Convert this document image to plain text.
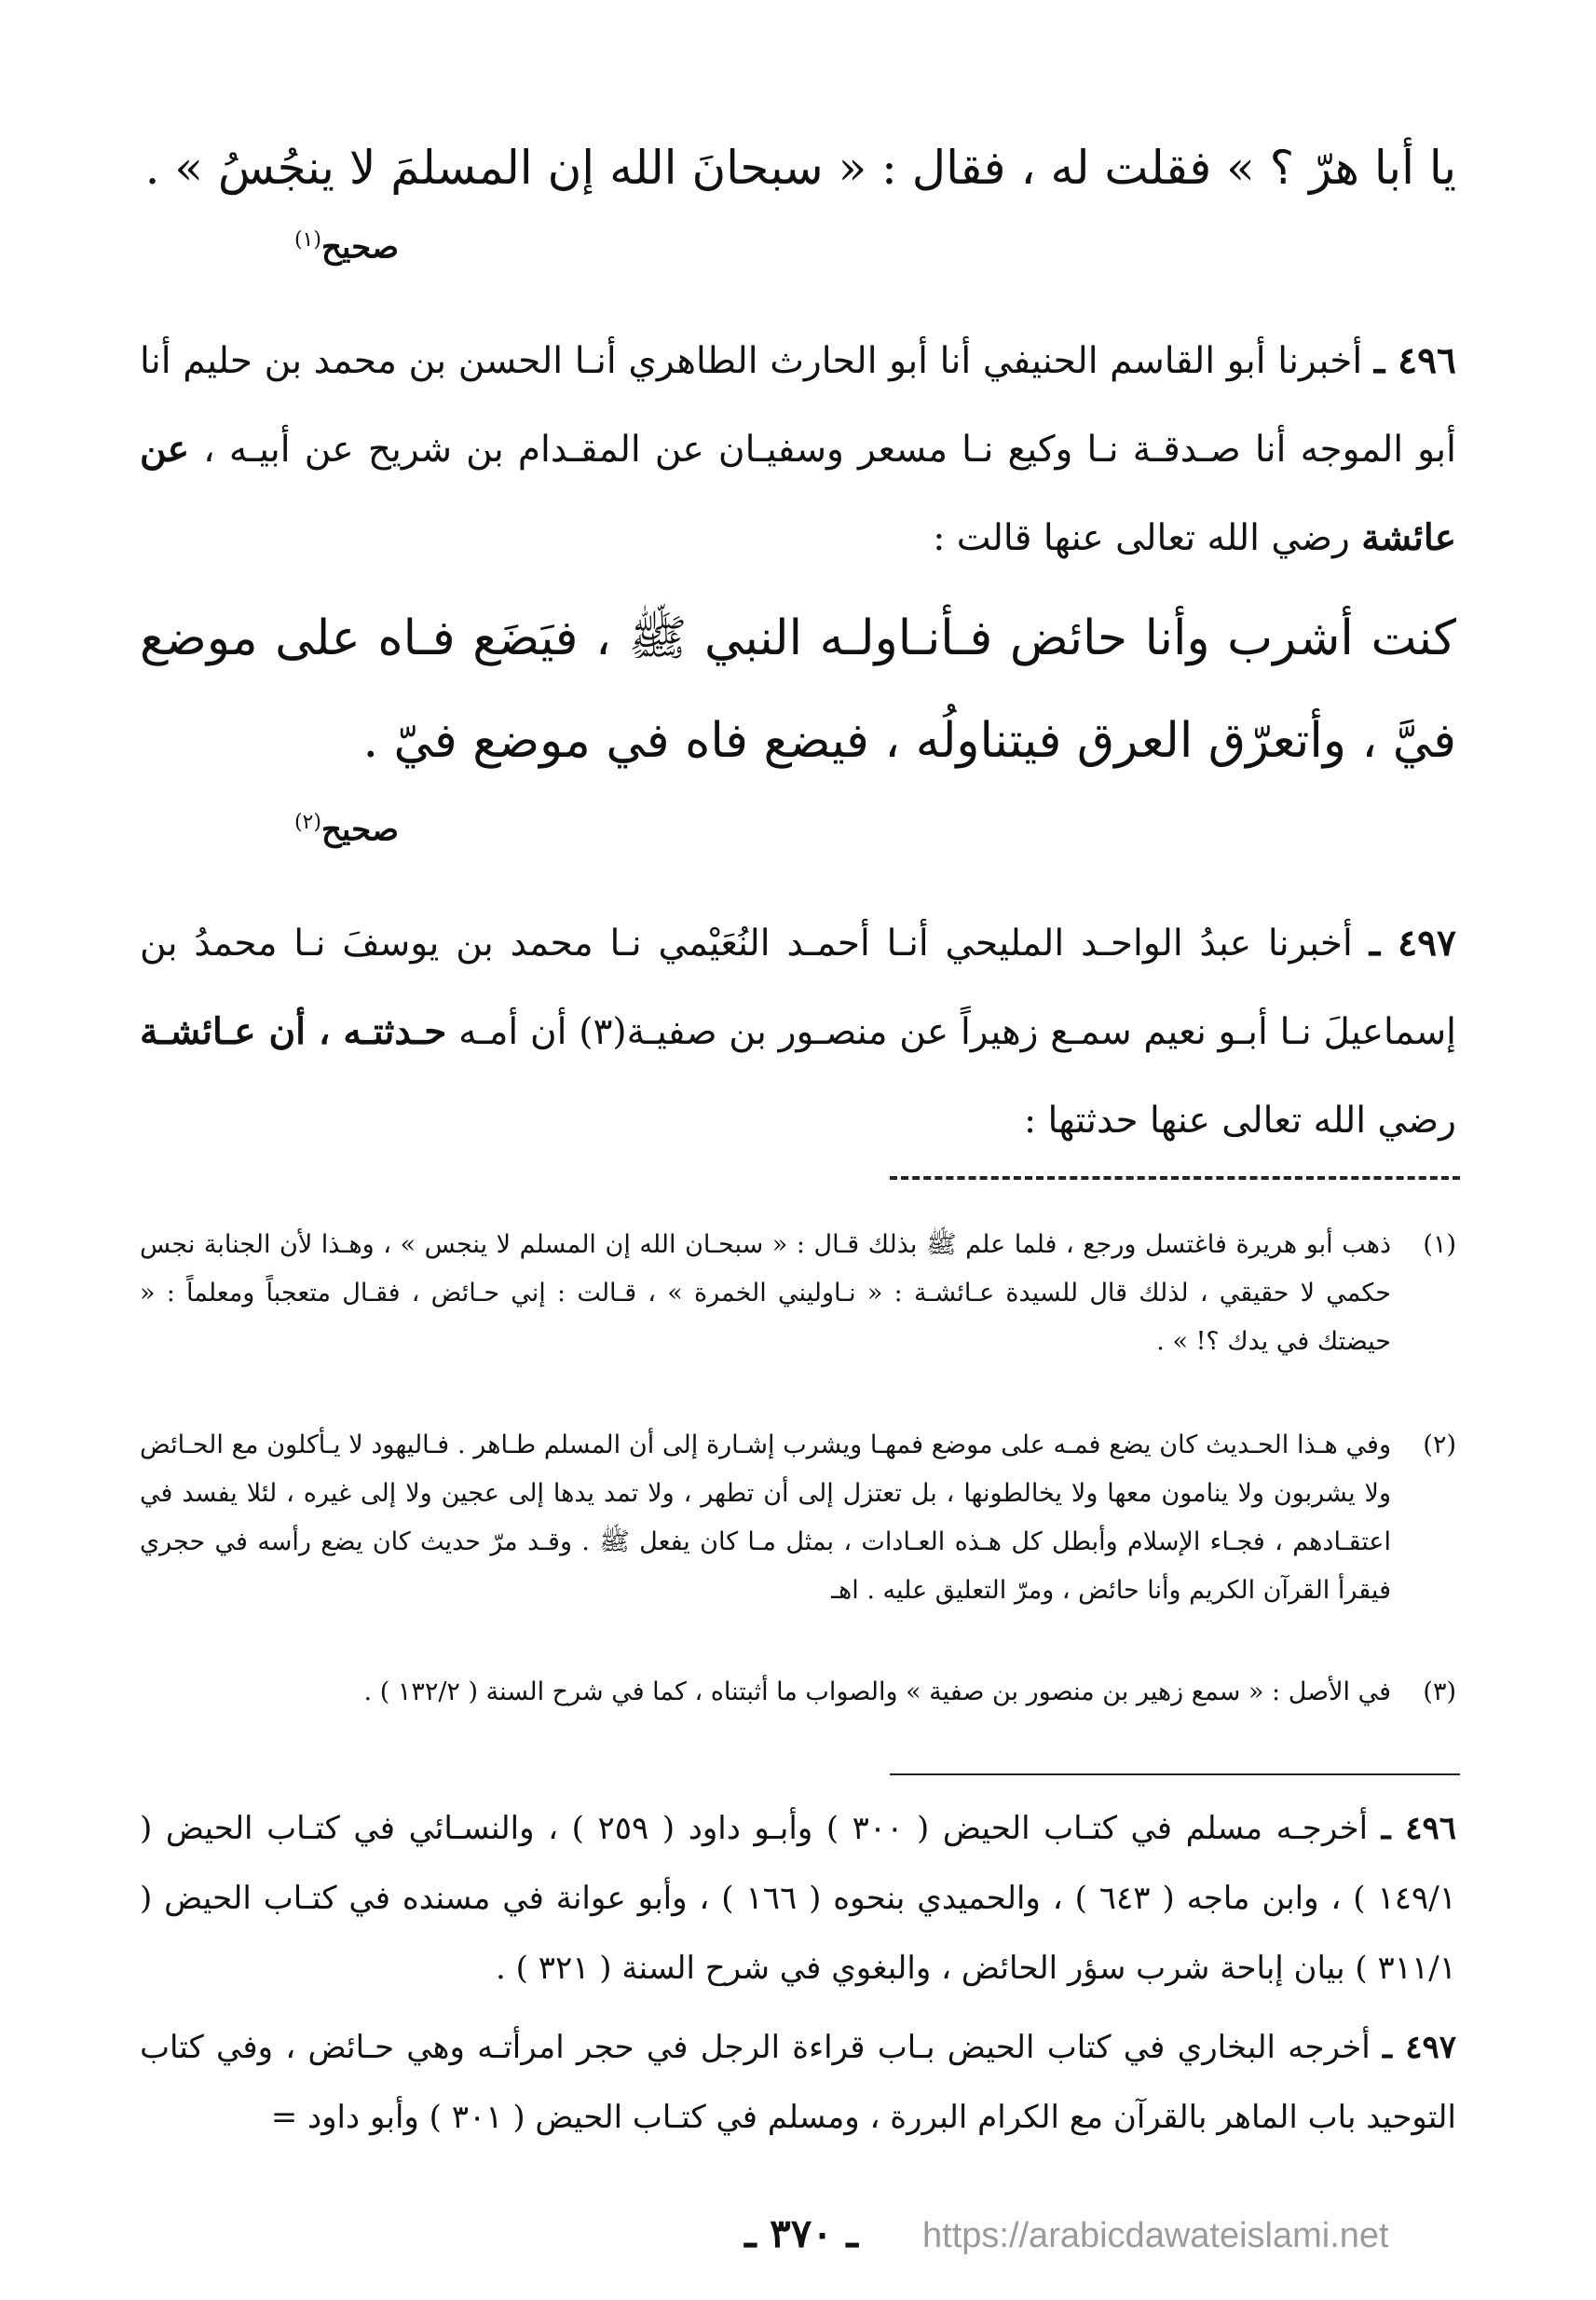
يا أبا هرّ ؟ » فقلت له ، فقال : « سبحانَ الله إن المسلمَ لا ينجُسُ » .
صحيح$^{(١)}$
٤٩٦ ـ أخبرنا أبو القاسم الحنيفي أنا أبو الحارث الطاهري أنـا الحسن بن محمد بن حليم أنا أبو الموجه أنا صـدقـة نـا وكيع نـا مسعر وسفيـان عن المقـدام بن شريح عن أبيـه ، عن عائشة رضي الله تعالى عنها قالت :
كنت أشرب وأنا حائض فـأنـاولـه النبي ﷺ ، فيَضَع فـاه على موضع فيَّ ، وأتعرّق العرق فيتناولُه ، فيضع فاه في موضع فيّ .
صحيح$^{(٢)}$
٤٩٧ ـ أخبرنا عبدُ الواحـد المليحي أنـا أحمـد النُعَيْمي نـا محمد بن يوسفَ نـا محمدُ بن إسماعيلَ نـا أبـو نعيم سمـع زهيراً عن منصـور بن صفيـة(٣) أن أمـه حـدثتـه ، أن عـائشـة رضي الله تعالى عنها حدثتها :
(١)
ذهب أبو هريرة فاغتسل ورجع ، فلما علم ﷺ بذلك قـال : « سبحـان الله إن المسلم لا ينجس » ، وهـذا لأن الجنابة نجس حكمي لا حقيقي ، لذلك قال للسيدة عـائشـة : « نـاوليني الخمرة » ، قـالت : إني حـائض ، فقـال متعجباً ومعلماً : « حيضتك في يدك ؟! » .
(٢)
وفي هـذا الحـديث كان يضع فمـه على موضع فمهـا ويشرب إشـارة إلى أن المسلم طـاهر . فـاليهود لا يـأكلون مع الحـائض ولا يشربون ولا ينامون معها ولا يخالطونها ، بل تعتزل إلى أن تطهر ، ولا تمد يدها إلى عجين ولا إلى غيره ، لئلا يفسد في اعتقـادهم ، فجـاء الإسلام وأبطل كل هـذه العـادات ، بمثل مـا كان يفعل ﷺ . وقـد مرّ حديث كان يضع رأسه في حجري فيقرأ القرآن الكريم وأنا حائض ، ومرّ التعليق عليه . اهـ
(٣)
في الأصل : « سمع زهير بن منصور بن صفية » والصواب ما أثبتناه ، كما في شرح السنة ( ١٣٢/٢ ) .
٤٩٦ ـ أخرجـه مسلم في كتـاب الحيض ( ٣٠٠ ) وأبـو داود ( ٢٥٩ ) ، والنسـائي في كتـاب الحيض ( ١٤٩/١ ) ، وابن ماجه ( ٦٤٣ ) ، والحميدي بنحوه ( ١٦٦ ) ، وأبو عوانة في مسنده في كتـاب الحيض ( ٣١١/١ ) بيان إباحة شرب سؤر الحائض ، والبغوي في شرح السنة ( ٣٢١ ) .
٤٩٧ ـ أخرجه البخاري في كتاب الحيض بـاب قراءة الرجل في حجر امرأتـه وهي حـائض ، وفي كتاب التوحيد باب الماهر بالقرآن مع الكرام البررة ، ومسلم في كتـاب الحيض ( ٣٠١ ) وأبو داود =
ـ ٣٧٠ ـ	https://arabicdawateislami.net
